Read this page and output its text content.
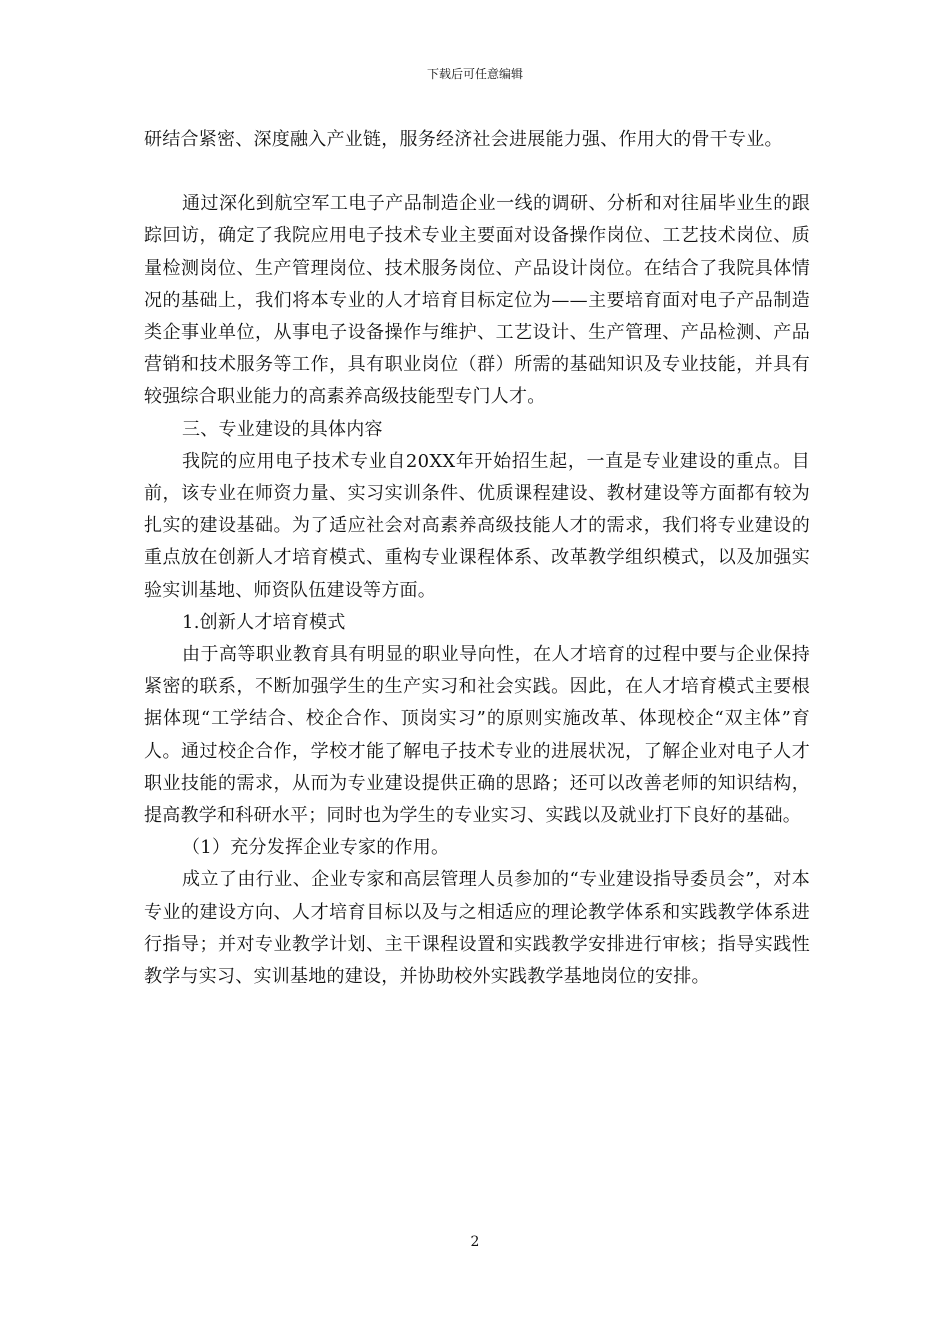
下载后可任意编辑

研结合紧密、深度融入产业链，服务经济社会进展能力强、作用大的骨干专业。

通过深化到航空军工电子产品制造企业一线的调研、分析和对往届毕业生的跟踪回访，确定了我院应用电子技术专业主要面对设备操作岗位、工艺技术岗位、质量检测岗位、生产管理岗位、技术服务岗位、产品设计岗位。在结合了我院具体情况的基础上，我们将本专业的人才培育目标定位为——主要培育面对电子产品制造类企事业单位，从事电子设备操作与维护、工艺设计、生产管理、产品检测、产品营销和技术服务等工作，具有职业岗位（群）所需的基础知识及专业技能，并具有较强综合职业能力的高素养高级技能型专门人才。

三、专业建设的具体内容

我院的应用电子技术专业自20XX年开始招生起，一直是专业建设的重点。目前，该专业在师资力量、实习实训条件、优质课程建设、教材建设等方面都有较为扎实的建设基础。为了适应社会对高素养高级技能人才的需求，我们将专业建设的重点放在创新人才培育模式、重构专业课程体系、改革教学组织模式，以及加强实验实训基地、师资队伍建设等方面。

1.创新人才培育模式

由于高等职业教育具有明显的职业导向性，在人才培育的过程中要与企业保持紧密的联系，不断加强学生的生产实习和社会实践。因此，在人才培育模式主要根据体现“工学结合、校企合作、顶岗实习”的原则实施改革、体现校企“双主体”育人。通过校企合作，学校才能了解电子技术专业的进展状况，了解企业对电子人才职业技能的需求，从而为专业建设提供正确的思路；还可以改善老师的知识结构，提高教学和科研水平；同时也为学生的专业实习、实践以及就业打下良好的基础。

（1）充分发挥企业专家的作用。

成立了由行业、企业专家和高层管理人员参加的“专业建设指导委员会”，对本专业的建设方向、人才培育目标以及与之相适应的理论教学体系和实践教学体系进行指导；并对专业教学计划、主干课程设置和实践教学安排进行审核；指导实践性教学与实习、实训基地的建设，并协助校外实践教学基地岗位的安排。

2
